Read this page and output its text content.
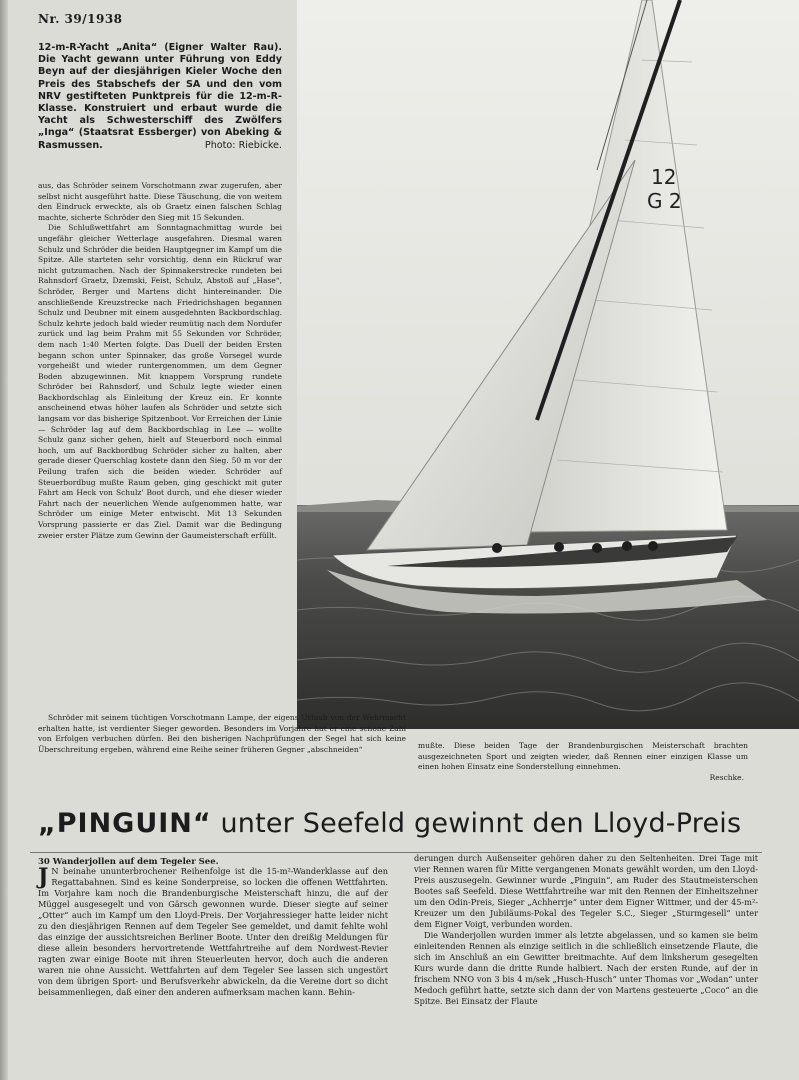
Nr. 39/1938
12-m-R-Yacht „Anita“ (Eigner Walter Rau). Die Yacht gewann unter Führung von Eddy Beyn auf der diesjährigen Kieler Woche den Preis des Stabschefs der SA und den vom NRV gestifteten Punktpreis für die 12-m-R-Klasse. Konstruiert und erbaut wurde die Yacht als Schwesterschiff des Zwölfers „Inga“ (Staatsrat Essberger) von Abeking & Rasmussen.	Photo: Riebicke.
12
G 2

aus, das Schröder seinem Vorschotmann zwar zugerufen, aber selbst nicht ausgeführt hatte. Diese Täuschung, die von weitem den Eindruck erweckte, als ob Graetz einen falschen Schlag machte, sicherte Schröder den Sieg mit 15 Sekunden.

Die Schlußwettfahrt am Sonntagnachmittag wurde bei ungefähr gleicher Wetterlage ausgefahren. Diesmal waren Schulz und Schröder die beiden Hauptgegner im Kampf um die Spitze. Alle starteten sehr vorsichtig, denn ein Rückruf war nicht gutzumachen. Nach der Spinnakerstrecke rundeten bei Rahnsdorf Graetz, Dzemski, Feist, Schulz, Abstoß auf „Hase“, Schröder, Berger und Martens dicht hintereinander. Die anschließende Kreuzstrecke nach Friedrichshagen begannen Schulz und Deubner mit einem ausgedehnten Backbordschlag. Schulz kehrte jedoch bald wieder reumütig nach dem Nordufer zurück und lag beim Prahm mit 55 Sekunden vor Schröder, dem nach 1:40 Merten folgte. Das Duell der beiden Ersten begann schon unter Spinnaker, das große Vorsegel wurde vorgeheißt und wieder runtergenommen, um dem Gegner Boden abzugewinnen. Mit knappem Vorsprung rundete Schröder bei Rahnsdorf, und Schulz legte wieder einen Backbordschlag als Einleitung der Kreuz ein. Er konnte anscheinend etwas höher laufen als Schröder und setzte sich langsam vor das bisherige Spitzenboot. Vor Erreichen der Linie — Schröder lag auf dem Backbordschlag in Lee — wollte Schulz ganz sicher gehen, hielt auf Steuerbord noch einmal hoch, um auf Backbordbug Schröder sicher zu halten, aber gerade dieser Querschlag kostete dann den Sieg. 50 m vor der Peilung trafen sich die beiden wieder. Schröder auf Steuerbordbug mußte Raum geben, ging geschickt mit guter Fahrt am Heck von Schulz' Boot durch, und ehe dieser wieder Fahrt nach der neuerlichen Wende aufgenommen hatte, war Schröder um einige Meter entwischt. Mit 13 Sekunden Vorsprung passierte er das Ziel. Damit war die Bedingung zweier erster Plätze zum Gewinn der Gaumeisterschaft erfüllt.

Schröder mit seinem tüchtigen Vorschotmann Lampe, der eigens Urlaub von der Wehrmacht erhalten hatte, ist verdienter Sieger geworden. Besonders im Vorjahre hat er eine schöne Zahl von Erfolgen verbuchen dürfen. Bei den bisherigen Nachprüfungen der Segel hat sich keine Überschreitung ergeben, während eine Reihe seiner früheren Gegner „abschneiden“	mußte. Diese beiden Tage der Brandenburgischen Meisterschaft brachten ausgezeichneten Sport und zeigten wieder, daß Rennen einer einzigen Klasse um einen hohen Einsatz eine Sonderstellung einnehmen.

Reschke.

„PINGUIN“ unter Seefeld gewinnt den Lloyd-Preis
30 Wanderjollen auf dem Tegeler See.

J N beinahe ununterbrochener Reihenfolge ist die 15-m²-Wanderklasse auf den Regattabahnen. Sind es keine Sonderpreise, so locken die offenen Wettfahrten. Im Vorjahre kam noch die Brandenburgische Meisterschaft hinzu, die auf der Müggel ausgesegelt und von Gärsch gewonnen wurde. Dieser siegte auf seiner „Otter“ auch im Kampf um den Lloyd-Preis. Der Vorjahressieger hatte leider nicht zu den diesjährigen Rennen auf dem Tegeler See gemeldet, und damit fehlte wohl das einzige der aussichtsreichen Berliner Boote. Unter den dreißig Meldungen für diese allein besonders hervortretende Wettfahrtreihe auf dem Nordwest-Revier ragten zwar einige Boote mit ihren Steuerleuten hervor, doch auch die anderen waren nie ohne Aussicht. Wettfahrten auf dem Tegeler See lassen sich ungestört von dem übrigen Sport- und Berufsverkehr abwickeln, da die Vereine dort so dicht beisammenliegen, daß einer den anderen aufmerksam machen kann. Behin-

derungen durch Außenseiter gehören daher zu den Seltenheiten. Drei Tage mit vier Rennen waren für Mitte vergangenen Monats gewählt worden, um den Lloyd-Preis auszusegeln. Gewinner wurde „Pinguin“, am Ruder des Stautmeisterschen Bootes saß Seefeld. Diese Wettfahrtreihe war mit den Rennen der Einheitszehner um den Odin-Preis, Sieger „Achherrje“ unter dem Eigner Wittmer, und der 45-m²-Kreuzer um den Jubiläums-Pokal des Tegeler S.C., Sieger „Sturmgesell“ unter dem Eigner Voigt, verbunden worden.

Die Wanderjollen wurden immer als letzte abgelassen, und so kamen sie beim einleitenden Rennen als einzige seitlich in die schließlich einsetzende Flaute, die sich im Anschluß an ein Gewitter breitmachte. Auf dem linksherum gesegelten Kurs wurde dann die dritte Runde halbiert. Nach der ersten Runde, auf der in frischem NNO von 3 bis 4 m/sek „Husch-Husch“ unter Thomas vor „Wodan“ unter Medoch geführt hatte, setzte sich dann der von Martens gesteuerte „Coco“ an die Spitze. Bei Einsatz der Flaute
